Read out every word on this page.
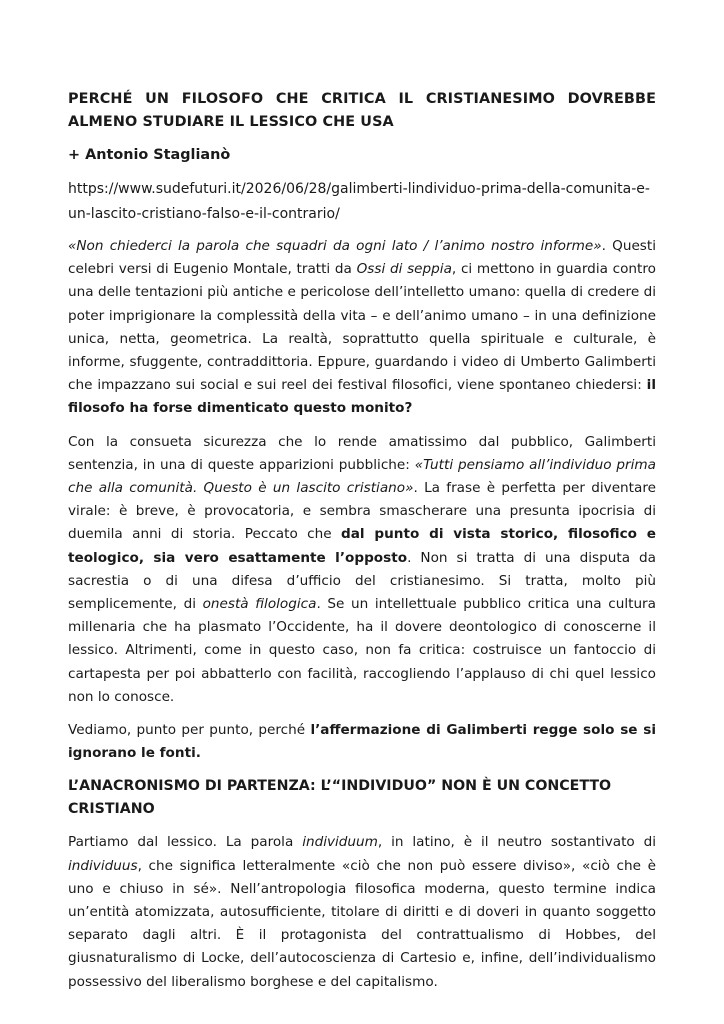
PERCHÉ UN FILOSOFO CHE CRITICA IL CRISTIANESIMO DOVREBBE ALMENO STUDIARE IL LESSICO CHE USA
+ Antonio Staglianò
https://www.sudefuturi.it/2026/06/28/galimberti-lindividuo-prima-della-comunita-e-un-lascito-cristiano-falso-e-il-contrario/

«Non chiederci la parola che squadri da ogni lato / l’animo nostro informe». Questi celebri versi di Eugenio Montale, tratti da Ossi di seppia, ci mettono in guardia contro una delle tentazioni più antiche e pericolose dell’intelletto umano: quella di credere di poter imprigionare la complessità della vita – e dell’animo umano – in una definizione unica, netta, geometrica. La realtà, soprattutto quella spirituale e culturale, è informe, sfuggente, contraddittoria. Eppure, guardando i video di Umberto Galimberti che impazzano sui social e sui reel dei festival filosofici, viene spontaneo chiedersi: il filosofo ha forse dimenticato questo monito?

Con la consueta sicurezza che lo rende amatissimo dal pubblico, Galimberti sentenzia, in una di queste apparizioni pubbliche: «Tutti pensiamo all’individuo prima che alla comunità. Questo è un lascito cristiano». La frase è perfetta per diventare virale: è breve, è provocatoria, e sembra smascherare una presunta ipocrisia di duemila anni di storia. Peccato che dal punto di vista storico, filosofico e teologico, sia vero esattamente l’opposto. Non si tratta di una disputa da sacrestia o di una difesa d’ufficio del cristianesimo. Si tratta, molto più semplicemente, di onestà filologica. Se un intellettuale pubblico critica una cultura millenaria che ha plasmato l’Occidente, ha il dovere deontologico di conoscerne il lessico. Altrimenti, come in questo caso, non fa critica: costruisce un fantoccio di cartapesta per poi abbatterlo con facilità, raccogliendo l’applauso di chi quel lessico non lo conosce.

Vediamo, punto per punto, perché l’affermazione di Galimberti regge solo se si ignorano le fonti.

L’ANACRONISMO DI PARTENZA: L’“INDIVIDUO” NON È UN CONCETTO CRISTIANO

Partiamo dal lessico. La parola individuum, in latino, è il neutro sostantivato di individuus, che significa letteralmente «ciò che non può essere diviso», «ciò che è uno e chiuso in sé». Nell’antropologia filosofica moderna, questo termine indica un’entità atomizzata, autosufficiente, titolare di diritti e di doveri in quanto soggetto separato dagli altri. È il protagonista del contrattualismo di Hobbes, del giusnaturalismo di Locke, dell’autocoscienza di Cartesio e, infine, dell’individualismo possessivo del liberalismo borghese e del capitalismo.
